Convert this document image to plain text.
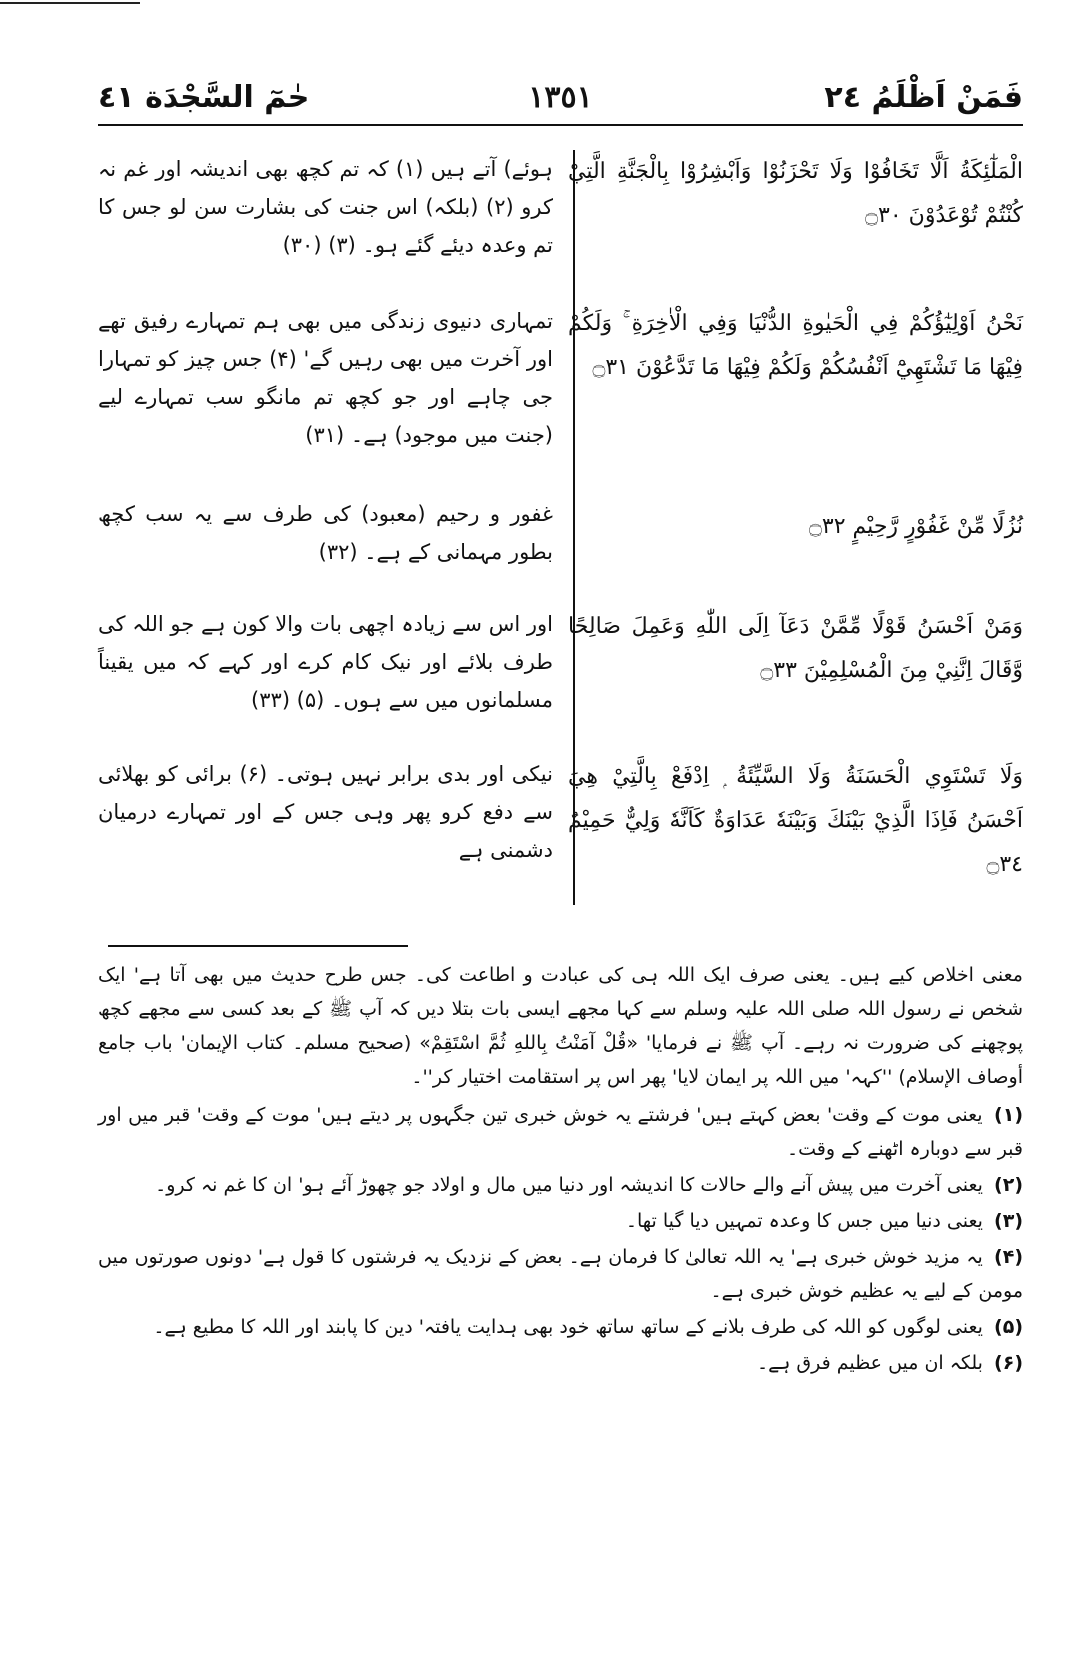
فَمَنْ اَظْلَمُ ٢٤
١٣٥١
حٰمٓ السَّجْدَة ٤١
الْمَلٰٓئِكَةُ اَلَّا تَخَافُوْا وَلَا تَحْزَنُوْا وَاَبْشِرُوْا بِالْجَنَّةِ الَّتِيْ كُنْتُمْ تُوْعَدُوْنَ ۝٣٠
ہوئے) آتے ہیں (۱) کہ تم کچھ بھی اندیشہ اور غم نہ کرو (۲) (بلکہ) اس جنت کی بشارت سن لو جس کا تم وعدہ دیئے گئے ہو۔ (۳) (۳۰)
نَحْنُ اَوْلِيٰٓؤُكُمْ فِي الْحَيٰوةِ الدُّنْيَا وَفِي الْاٰخِرَةِ ۚ وَلَكُمْ فِيْهَا مَا تَشْتَهِيْٓ اَنْفُسُكُمْ وَلَكُمْ فِيْهَا مَا تَدَّعُوْنَ ۝٣١
تمہاری دنیوی زندگی میں بھی ہم تمہارے رفیق تھے اور آخرت میں بھی رہیں گے' (۴) جس چیز کو تمہارا جی چاہے اور جو کچھ تم مانگو سب تمہارے لیے (جنت میں موجود) ہے۔ (۳۱)
نُزُلًا مِّنْ غَفُوْرٍ رَّحِيْمٍ ۝٣٢
غفور و رحیم (معبود) کی طرف سے یہ سب کچھ بطور مہمانی کے ہے۔ (۳۲)
وَمَنْ اَحْسَنُ قَوْلًا مِّمَّنْ دَعَآ اِلَى اللّٰهِ وَعَمِلَ صَالِحًا وَّقَالَ اِنَّنِيْ مِنَ الْمُسْلِمِيْنَ ۝٣٣
اور اس سے زیادہ اچھی بات والا کون ہے جو اللہ کی طرف بلائے اور نیک کام کرے اور کہے کہ میں یقیناً مسلمانوں میں سے ہوں۔ (۵) (۳۳)
وَلَا تَسْتَوِي الْحَسَنَةُ وَلَا السَّيِّئَةُ ۭ اِدْفَعْ بِالَّتِيْ هِيَ اَحْسَنُ فَاِذَا الَّذِيْ بَيْنَكَ وَبَيْنَهٗ عَدَاوَةٌ كَاَنَّهٗ وَلِيٌّ حَمِيْمٌ ۝٣٤
نیکی اور بدی برابر نہیں ہوتی۔ (۶) برائی کو بھلائی سے دفع کرو پھر وہی جس کے اور تمہارے درمیان دشمنی ہے

معنی اخلاص کیے ہیں۔ یعنی صرف ایک اللہ ہی کی عبادت و اطاعت کی۔ جس طرح حدیث میں بھی آتا ہے' ایک شخص نے رسول اللہ صلی اللہ علیہ وسلم سے کہا مجھے ایسی بات بتلا دیں کہ آپ ﷺ کے بعد کسی سے مجھے کچھ پوچھنے کی ضرورت نہ رہے۔ آپ ﷺ نے فرمایا' «قُلْ آمَنْتُ بِاللهِ ثُمَّ اسْتَقِمْ» (صحیح مسلم۔ کتاب الإیمان' باب جامع أوصاف الإسلام) ''کہہ' میں اللہ پر ایمان لایا' پھر اس پر استقامت اختیار کر''۔

(۱) یعنی موت کے وقت' بعض کہتے ہیں' فرشتے یہ خوش خبری تین جگہوں پر دیتے ہیں' موت کے وقت' قبر میں اور قبر سے دوبارہ اٹھنے کے وقت۔

(۲) یعنی آخرت میں پیش آنے والے حالات کا اندیشہ اور دنیا میں مال و اولاد جو چھوڑ آئے ہو' ان کا غم نہ کرو۔

(۳) یعنی دنیا میں جس کا وعدہ تمہیں دیا گیا تھا۔

(۴) یہ مزید خوش خبری ہے' یہ اللہ تعالیٰ کا فرمان ہے۔ بعض کے نزدیک یہ فرشتوں کا قول ہے' دونوں صورتوں میں مومن کے لیے یہ عظیم خوش خبری ہے۔

(۵) یعنی لوگوں کو اللہ کی طرف بلانے کے ساتھ ساتھ خود بھی ہدایت یافتہ' دین کا پابند اور اللہ کا مطیع ہے۔

(۶) بلکہ ان میں عظیم فرق ہے۔
